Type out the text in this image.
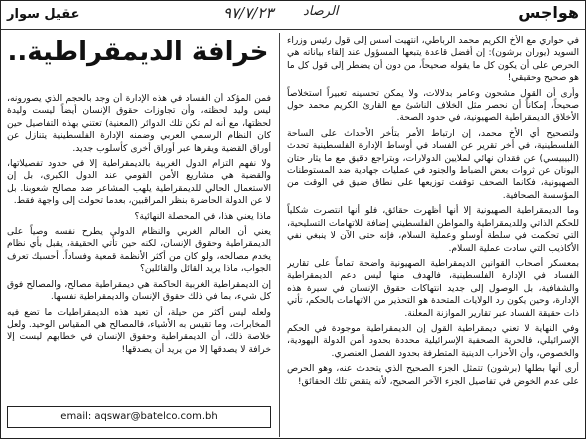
هواجس
الرصاد
٩٧/٧/٢٣
عقيل سوار
خرافة الديمقراطية.. في حواري مع الأخ الكريم محمد الرباطي، انتهيت أسس إلى قول رئيس وزراء السويد (يوران برشون): إن أفضل قاعدة يتبعها المسؤول عند إلقاء بياناته هي الحرص على أن يكون كل ما يقوله صحيحاً، من دون أن يضطر إلى قول كل ما هو صحيح وحقيقي!

وأرى أن القول مشحون وعامر بدلالات، ولا يمكن تحسينه تعبيراً استخلاصاً صحيحاً، إمكاناً أن نحصر مثل الخلاف الناشئ مع القارئ الكريم محمد حول الأخلاق الديمقراطية الصهيونية، في حدود الصحة.

ولتصحيح أي الأخ محمد، إن ارتباط الأمر بتأخر الأحداث على الساحة الفلسطينية، في أخر تقرير عن الفساد في أوساط الإدارة الفلسطينية تحدث (البيبيسي) عن فقدان نهائي لملايين الدولارات، وبتراجع دقيق مع ما يثار حتان اليونان عن ثروات بعض الضباط والجنود في عمليات جهادية ضد المستوطنات الصهيونية، فكانما الصحف توقفت توزيعها على نطاق ضيق في الوقت من المؤسسة الصحافية.

وما الديمقراطية الصهيونية إلا أنها أظهرت حقائق، فلو أنها انتصرت شكلياً للحكم الذاتي وللديمقراطية والمواطن الفلسطيني إضافة للاتهامات التسليحية، التي تحكمت في سلطة أوسلو وعملية السلام، فإنه حتى الآن لا ينبغي نفي الأكاذيب التي سادت عملية السلام.

بمعسكر أصحاب القوانين الديمقراطية الصهيونية واضحة تماماً على تقارير الفساد في الإدارة الفلسطينية، فالهدف منها ليس دعم الديمقراطية والشفافية، بل الوصول إلى جديد انتهاكات حقوق الإنسان في سيرة هذه الإدارة، وحين يكون رد الولايات المتحدة هو التحذير من الاتهامات بالحكم، تأتي ذات حقيقة الفساد عبر تقارير الموازنة المعلنة.

وفي النهاية لا تعني ديمقراطية القول إن الديمقراطية موجودة في الحكم الإسرائيلي، فالحرية الصحفية الإسرائيلية محددة بحدود أمن الدولة اليهودية، والخصوص، وأن الأحزاب الدينية المتطرفة بحدود الفصل العنصري.

أرى أنها بطلها (برشون) تتمثل الجزء الصحيح الذي يتحدث عنه، وهو الحرص على عدم الخوض في تفاصيل الجزء الآخر الصحيح، لأنه يتقض تلك الحقائق!

فمن المؤكد أن الفساد في هذه الإدارة أن وجد بالحجم الذي يصورونه، ليس وليد لحظته، وأن تجاوزات حقوق الإنسان أيضاً ليست وليدة لحظتها، مع أنه لم تكن تلك الدوائر (المعنية) تعتني بهذه التفاصيل حين كان النظام الرسمي العربي وضمنه الإدارة الفلسطينية يتنازل عن أوراق القضية ويقرها عبر أوراق أخرى كأسلوب جديد.

ولا نفهم التزام الدول الغربية بالديمقراطية إلا في حدود تفصيلاتها، والقضية هي مشاريع الأمن القومي عند الدول الكبرى، بل إن الاستعمال الحالي للديمقراطية يلهب المشاعر ضد مصالح شعوبنا. بل لا عن الدولة الحاضرة بنظر المراقبين، بعدما تحولت إلى واجهة فقط.

ماذا يعني هذا، في المحصلة النهائية؟

يعني أن العالم الغربي والنظام الدولي يطرح نفسه وصياً على الديمقراطية وحقوق الإنسان، لكنه حين تأتي الحقيقة، يقبل بأي نظام يخدم مصالحه، ولو كان من أكثر الأنظمة قمعية وفساداً. أحسبك تعرف الجواب، ماذا يريد القائل والقائلين؟

إن الديمقراطية الغربية الحاكمة هي ديمقراطية مصالح، والمصالح فوق كل شيء، بما في ذلك حقوق الإنسان والديمقراطية نفسها.

ولعله ليس أكثر من حيلة، أن تعيد هذه الديمقراطيات ما تضع فيه المخابرات، وما تقيس به الأشياء، فالمصالح هي المقياس الوحيد. ولعل خلاصة ذلك، أن الديمقراطية وحقوق الإنسان في خطابهم ليست إلا خرافة لا يصدقها إلا من يريد أن يصدقها!

email: aqswar@batelco.com.bh
